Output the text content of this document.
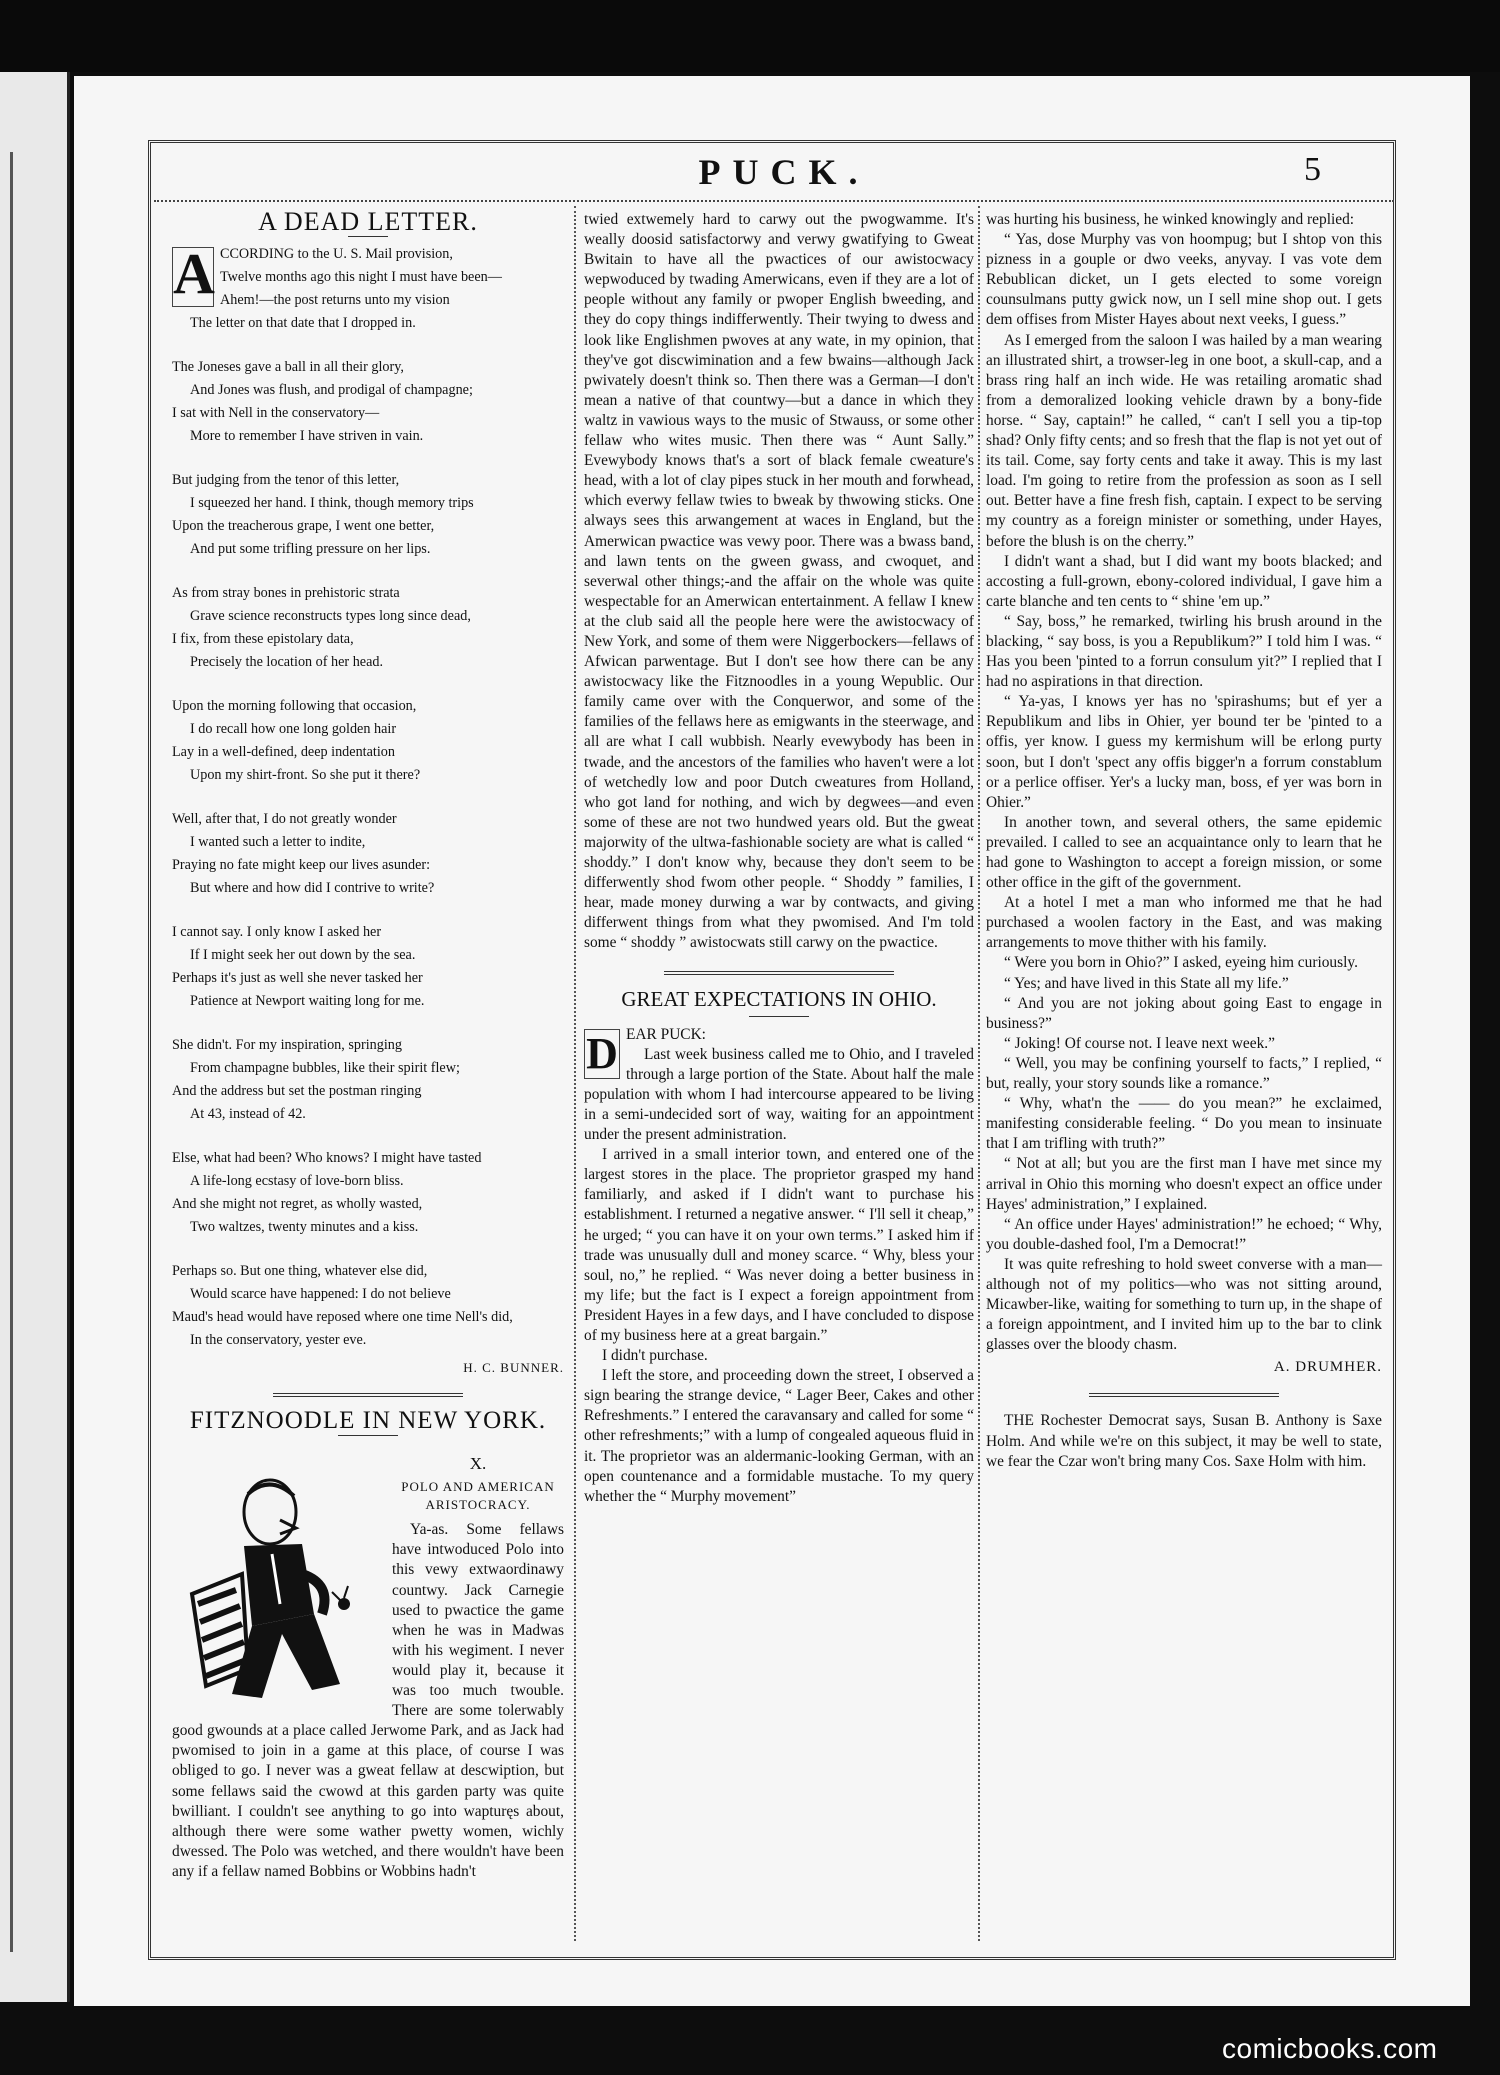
PUCK.	5
A DEAD LETTER.
A CCORDING to the U. S. Mail provision,

Twelve months ago this night I must have been—

Ahem!—the post returns unto my vision

The letter on that date that I dropped in.

The Joneses gave a ball in all their glory,

And Jones was flush, and prodigal of champagne;

I sat with Nell in the conservatory—

More to remember I have striven in vain.

But judging from the tenor of this letter,

I squeezed her hand. I think, though memory trips

Upon the treacherous grape, I went one better,

And put some trifling pressure on her lips.

As from stray bones in prehistoric strata

Grave science reconstructs types long since dead,

I fix, from these epistolary data,

Precisely the location of her head.

Upon the morning following that occasion,

I do recall how one long golden hair

Lay in a well-defined, deep indentation

Upon my shirt-front. So she put it there?

Well, after that, I do not greatly wonder

I wanted such a letter to indite,

Praying no fate might keep our lives asunder:

But where and how did I contrive to write?

I cannot say. I only know I asked her

If I might seek her out down by the sea.

Perhaps it's just as well she never tasked her

Patience at Newport waiting long for me.

She didn't. For my inspiration, springing

From champagne bubbles, like their spirit flew;

And the address but set the postman ringing

At 43, instead of 42.

Else, what had been? Who knows? I might have tasted

A life-long ecstasy of love-born bliss.

And she might not regret, as wholly wasted,

Two waltzes, twenty minutes and a kiss.

Perhaps so. But one thing, whatever else did,

Would scarce have happened: I do not believe

Maud's head would have reposed where one time Nell's did,

In the conservatory, yester eve.

H. C. BUNNER.

FITZNOODLE IN NEW YORK.
X.
POLO AND AMERICAN ARISTOCRACY.

Ya-as. Some fellaws have intwoduced Polo into this vewy extwaordinawy countwy. Jack Carnegie used to pwactice the game when he was in Madwas with his wegiment. I never would play it, because it was too much twouble. There are some tolerwably good gwounds at a place called Jerwome Park, and as Jack had pwomised to join in a game at this place, of course I was obliged to go. I never was a gweat fellaw at descwiption, but some fellaws said the cwowd at this garden party was quite bwilliant. I couldn't see anything to go into wapturęs about, although there were some wather pwetty women, wichly dwessed. The Polo was wetched, and there wouldn't have been any if a fellaw named Bobbins or Wobbins hadn't

twied extwemely hard to carwy out the pwogwamme. It's weally doosid satisfactorwy and verwy gwatifying to Gweat Bwitain to have all the pwactices of our awistocwacy wepwoduced by twading Amerwicans, even if they are a lot of people without any family or pwoper English bweeding, and they do copy things indifferwently. Their twying to dwess and look like Englishmen pwoves at any wate, in my opinion, that they've got discwimination and a few bwains—although Jack pwivately doesn't think so. Then there was a German—I don't mean a native of that countwy—but a dance in which they waltz in vawious ways to the music of Stwauss, or some other fellaw who wites music. Then there was “ Aunt Sally.” Evewybody knows that's a sort of black female cweature's head, with a lot of clay pipes stuck in her mouth and forwhead, which everwy fellaw twies to bweak by thwowing sticks. One always sees this arwangement at waces in England, but the Amerwican pwactice was vewy poor. There was a bwass band, and lawn tents on the gween gwass, and cwoquet, and severwal other things;-and the affair on the whole was quite wespectable for an Amerwican entertainment. A fellaw I knew at the club said all the people here were the awistocwacy of New York, and some of them were Niggerbockers—fellaws of Afwican parwentage. But I don't see how there can be any awistocwacy like the Fitznoodles in a young Wepublic. Our family came over with the Conquerwor, and some of the families of the fellaws here as emigwants in the steerwage, and all are what I call wubbish. Nearly evewybody has been in twade, and the ancestors of the families who haven't were a lot of wetchedly low and poor Dutch cweatures from Holland, who got land for nothing, and wich by degwees—and even some of these are not two hundwed years old. But the gweat majorwity of the ultwa-fashionable society are what is called “ shoddy.” I don't know why, because they don't seem to be differwently shod fwom other people. “ Shoddy ” families, I hear, made money durwing a war by contwacts, and giving differwent things from what they pwomised. And I'm told some “ shoddy ” awistocwats still carwy on the pwactice.

GREAT EXPECTATIONS IN OHIO.
D EAR PUCK:

Last week business called me to Ohio, and I traveled through a large portion of the State. About half the male population with whom I had intercourse appeared to be living in a semi-undecided sort of way, waiting for an appointment under the present administration.

I arrived in a small interior town, and entered one of the largest stores in the place. The proprietor grasped my hand familiarly, and asked if I didn't want to purchase his establishment. I returned a negative answer. “ I'll sell it cheap,” he urged; “ you can have it on your own terms.” I asked him if trade was unusually dull and money scarce. “ Why, bless your soul, no,” he replied. “ Was never doing a better business in my life; but the fact is I expect a foreign appointment from President Hayes in a few days, and I have concluded to dispose of my business here at a great bargain.”

I didn't purchase.

I left the store, and proceeding down the street, I observed a sign bearing the strange device, “ Lager Beer, Cakes and other Refreshments.” I entered the caravansary and called for some “ other refreshments;” with a lump of congealed aqueous fluid in it. The proprietor was an aldermanic-looking German, with an open countenance and a formidable mustache. To my query whether the “ Murphy movement”

was hurting his business, he winked knowingly and replied:

“ Yas, dose Murphy vas von hoompug; but I shtop von this pizness in a gouple or dwo veeks, anyvay. I vas vote dem Rebublican dicket, un I gets elected to some voreign counsulmans putty gwick now, un I sell mine shop out. I gets dem offises from Mister Hayes about next veeks, I guess.”

As I emerged from the saloon I was hailed by a man wearing an illustrated shirt, a trowser-leg in one boot, a skull-cap, and a brass ring half an inch wide. He was retailing aromatic shad from a demoralized looking vehicle drawn by a bony-fide horse. “ Say, captain!” he called, “ can't I sell you a tip-top shad? Only fifty cents; and so fresh that the flap is not yet out of its tail. Come, say forty cents and take it away. This is my last load. I'm going to retire from the profession as soon as I sell out. Better have a fine fresh fish, captain. I expect to be serving my country as a foreign minister or something, under Hayes, before the blush is on the cherry.”

I didn't want a shad, but I did want my boots blacked; and accosting a full-grown, ebony-colored individual, I gave him a carte blanche and ten cents to “ shine 'em up.”

“ Say, boss,” he remarked, twirling his brush around in the blacking, “ say boss, is you a Republikum?” I told him I was. “ Has you been 'pinted to a forrun consulum yit?” I replied that I had no aspirations in that direction.

“ Ya-yas, I knows yer has no 'spirashums; but ef yer a Republikum and libs in Ohier, yer bound ter be 'pinted to a offis, yer know. I guess my kermishum will be erlong purty soon, but I don't 'spect any offis bigger'n a forrum constablum or a perlice offiser. Yer's a lucky man, boss, ef yer was born in Ohier.”

In another town, and several others, the same epidemic prevailed. I called to see an acquaintance only to learn that he had gone to Washington to accept a foreign mission, or some other office in the gift of the government.

At a hotel I met a man who informed me that he had purchased a woolen factory in the East, and was making arrangements to move thither with his family.

“ Were you born in Ohio?” I asked, eyeing him curiously.

“ Yes; and have lived in this State all my life.”

“ And you are not joking about going East to engage in business?”

“ Joking! Of course not. I leave next week.”

“ Well, you may be confining yourself to facts,” I replied, “ but, really, your story sounds like a romance.”

“ Why, what'n the —— do you mean?” he exclaimed, manifesting considerable feeling. “ Do you mean to insinuate that I am trifling with truth?”

“ Not at all; but you are the first man I have met since my arrival in Ohio this morning who doesn't expect an office under Hayes' administration,” I explained.

“ An office under Hayes' administration!” he echoed; “ Why, you double-dashed fool, I'm a Democrat!”

It was quite refreshing to hold sweet converse with a man—although not of my politics—who was not sitting around, Micawber-like, waiting for something to turn up, in the shape of a foreign appointment, and I invited him up to the bar to clink glasses over the bloody chasm.

A. DRUMHER.

THE Rochester Democrat says, Susan B. Anthony is Saxe Holm. And while we're on this subject, it may be well to state, we fear the Czar won't bring many Cos. Saxe Holm with him.

comicbooks.com
